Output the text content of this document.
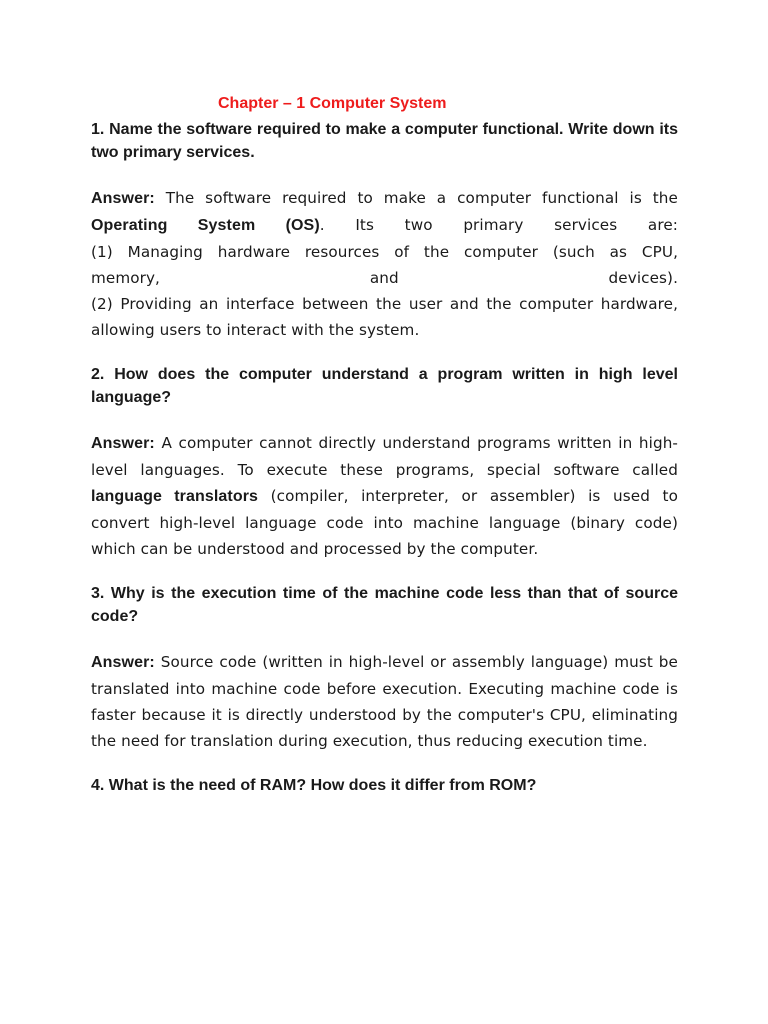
Chapter – 1 Computer System

1. Name the software required to make a computer functional. Write down its two primary services.

Answer: The software required to make a computer functional is the
Operating System (OS). Its two primary services are:
(1) Managing hardware resources of the computer (such as CPU,
memory, and devices).
(2) Providing an interface between the user and the computer hardware, allowing users to interact with the system.

2. How does the computer understand a program written in high level language?

Answer: A computer cannot directly understand programs written in high-level languages. To execute these programs, special software called language translators (compiler, interpreter, or assembler) is used to convert high-level language code into machine language (binary code) which can be understood and processed by the computer.

3. Why is the execution time of the machine code less than that of source code?

Answer: Source code (written in high-level or assembly language) must be translated into machine code before execution. Executing machine code is faster because it is directly understood by the computer's CPU, eliminating the need for translation during execution, thus reducing execution time.

4. What is the need of RAM? How does it differ from ROM?
